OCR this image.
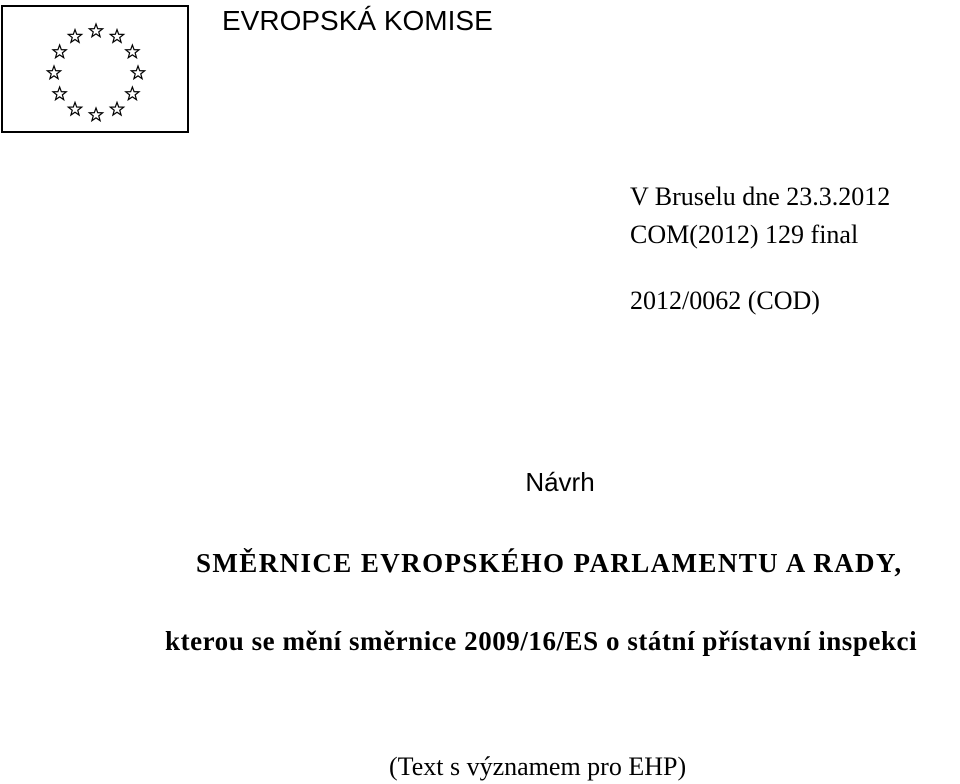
EVROPSKÁ KOMISE
V Bruselu dne 23.3.2012
COM(2012) 129 final
2012/0062 (COD)
Návrh
SMĚRNICE EVROPSKÉHO PARLAMENTU A RADY,
kterou se mění směrnice 2009/16/ES o státní přístavní inspekci
(Text s významem pro EHP)
